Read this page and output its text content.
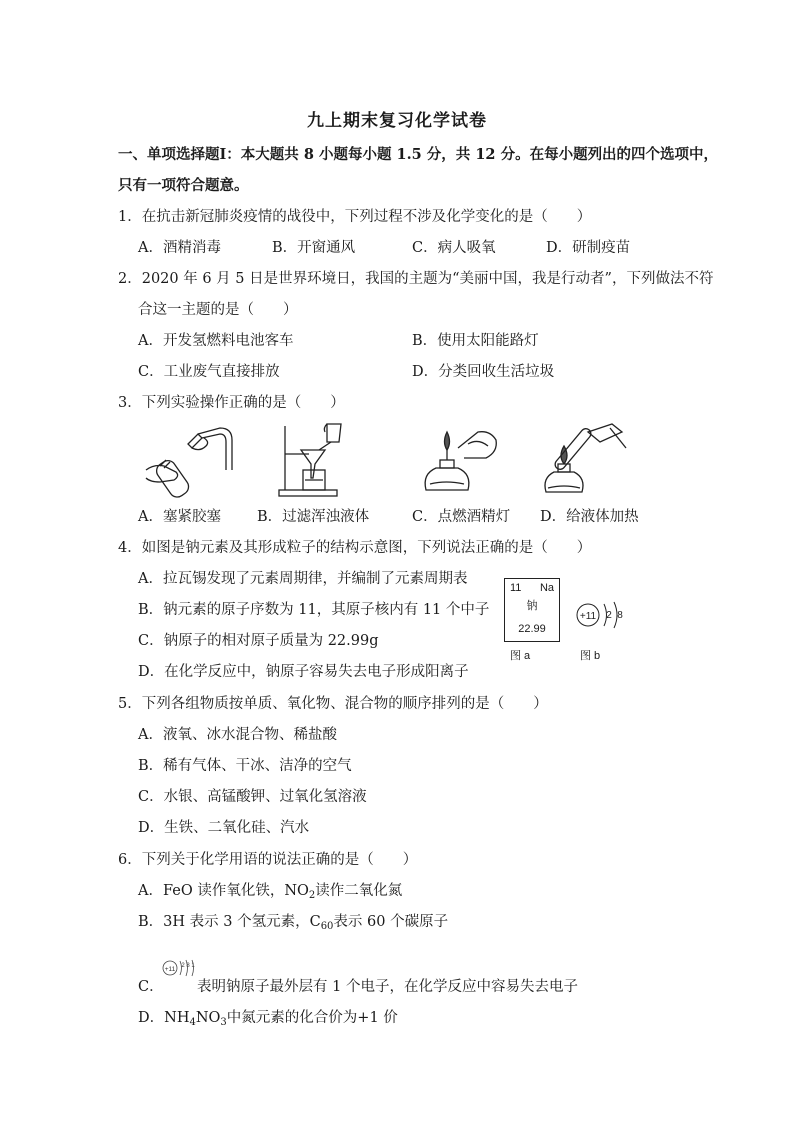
九上期末复习化学试卷
一、单项选择题Ⅰ：本大题共 8 小题每小题 1.5 分，共 12 分。在每小题列出的四个选项中，
只有一项符合题意。
1．在抗击新冠肺炎疫情的战役中，下列过程不涉及化学变化的是（　　）
A．酒精消毒	B．开窗通风	C．病人吸氧	D．研制疫苗
2．2020 年 6 月 5 日是世界环境日，我国的主题为“美丽中国，我是行动者”，下列做法不符
合这一主题的是（　　）
A．开发氢燃料电池客车	B．使用太阳能路灯
C．工业废气直接排放	D．分类回收生活垃圾
3．下列实验操作正确的是（　　）
A．塞紧胶塞 B．过滤浑浊液体	C．点燃酒精灯 D．给液体加热
4．如图是钠元素及其形成粒子的结构示意图，下列说法正确的是（　　）
A．拉瓦锡发现了元素周期律，并编制了元素周期表
B．钠元素的原子序数为 11，其原子核内有 11 个中子
C．钠原子的相对原子质量为 22.99g
D．在化学反应中，钠原子容易失去电子形成阳离子
11 Na
钠
22.99
图 a
+11 2 8
图 b
5．下列各组物质按单质、氧化物、混合物的顺序排列的是（　　）
A．液氧、冰水混合物、稀盐酸
B．稀有气体、干冰、洁净的空气
C．水银、高锰酸钾、过氧化氢溶液
D．生铁、二氧化硅、汽水
6．下列关于化学用语的说法正确的是（　　）
A．FeO 读作氧化铁，$NO_2$读作二氧化氮
B．3H 表示 3 个氢元素，$C_{60}$表示 60 个碳原子
+11 2 8 1
C． 表明钠原子最外层有 1 个电子，在化学反应中容易失去电子
D．$NH_4NO_3$中氮元素的化合价为+1 价
